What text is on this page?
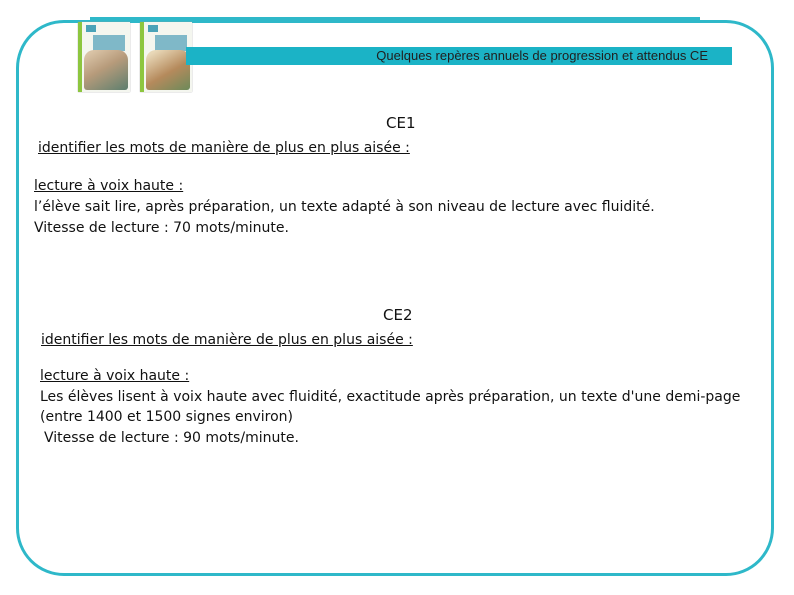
Quelques repères annuels de progression et attendus CE
CE1
identifier les mots de manière de plus en plus aisée :
lecture à voix haute :
l’élève sait lire, après préparation, un texte adapté à son niveau de lecture avec fluidité.
Vitesse de lecture : 70 mots/minute.
CE2
identifier les mots de manière de plus en plus aisée :
lecture à voix haute :
Les élèves lisent à voix haute avec fluidité, exactitude après préparation, un texte d'une demi-page
(entre 1400 et 1500 signes environ)
Vitesse de lecture : 90 mots/minute.
